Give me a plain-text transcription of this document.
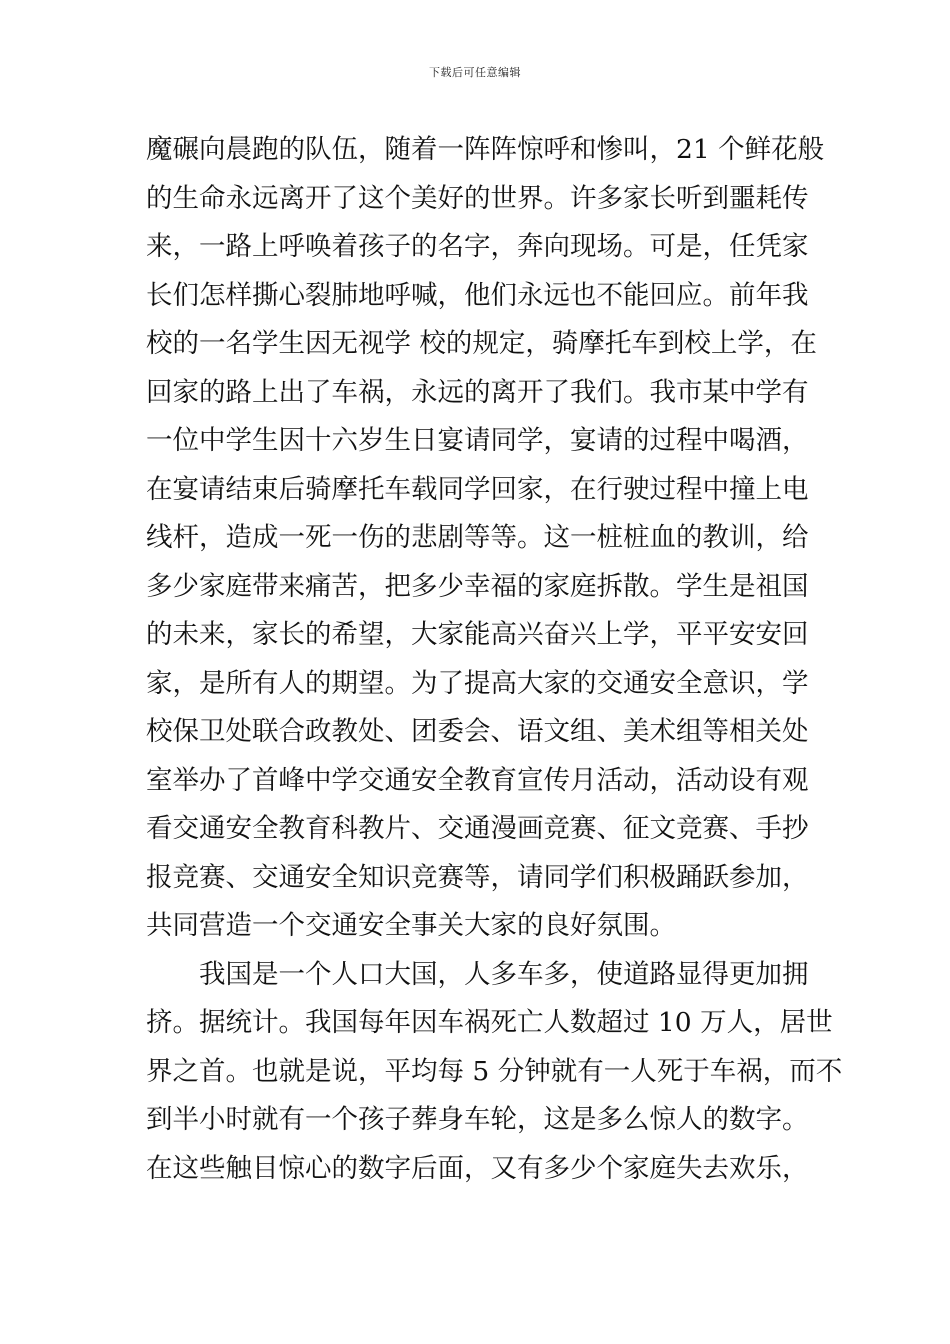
下载后可任意编辑
魔碾向晨跑的队伍，随着一阵阵惊呼和惨叫，21 个鲜花般
的生命永远离开了这个美好的世界。许多家长听到噩耗传
来，一路上呼唤着孩子的名字，奔向现场。可是，任凭家
长们怎样撕心裂肺地呼喊，他们永远也不能回应。前年我
校的一名学生因无视学 校的规定，骑摩托车到校上学，在
回家的路上出了车祸，永远的离开了我们。我市某中学有
一位中学生因十六岁生日宴请同学，宴请的过程中喝酒，
在宴请结束后骑摩托车载同学回家，在行驶过程中撞上电
线杆，造成一死一伤的悲剧等等。这一桩桩血的教训，给
多少家庭带来痛苦，把多少幸福的家庭拆散。学生是祖国
的未来，家长的希望，大家能高兴奋兴上学，平平安安回
家，是所有人的期望。为了提高大家的交通安全意识，学
校保卫处联合政教处、团委会、语文组、美术组等相关处
室举办了首峰中学交通安全教育宣传月活动，活动设有观
看交通安全教育科教片、交通漫画竞赛、征文竞赛、手抄
报竞赛、交通安全知识竞赛等，请同学们积极踊跃参加，
共同营造一个交通安全事关大家的良好氛围。
我国是一个人口大国，人多车多，使道路显得更加拥
挤。据统计。我国每年因车祸死亡人数超过 10 万人，居世
界之首。也就是说，平均每 5 分钟就有一人死于车祸，而不
到半小时就有一个孩子葬身车轮，这是多么惊人的数字。
在这些触目惊心的数字后面，又有多少个家庭失去欢乐，
